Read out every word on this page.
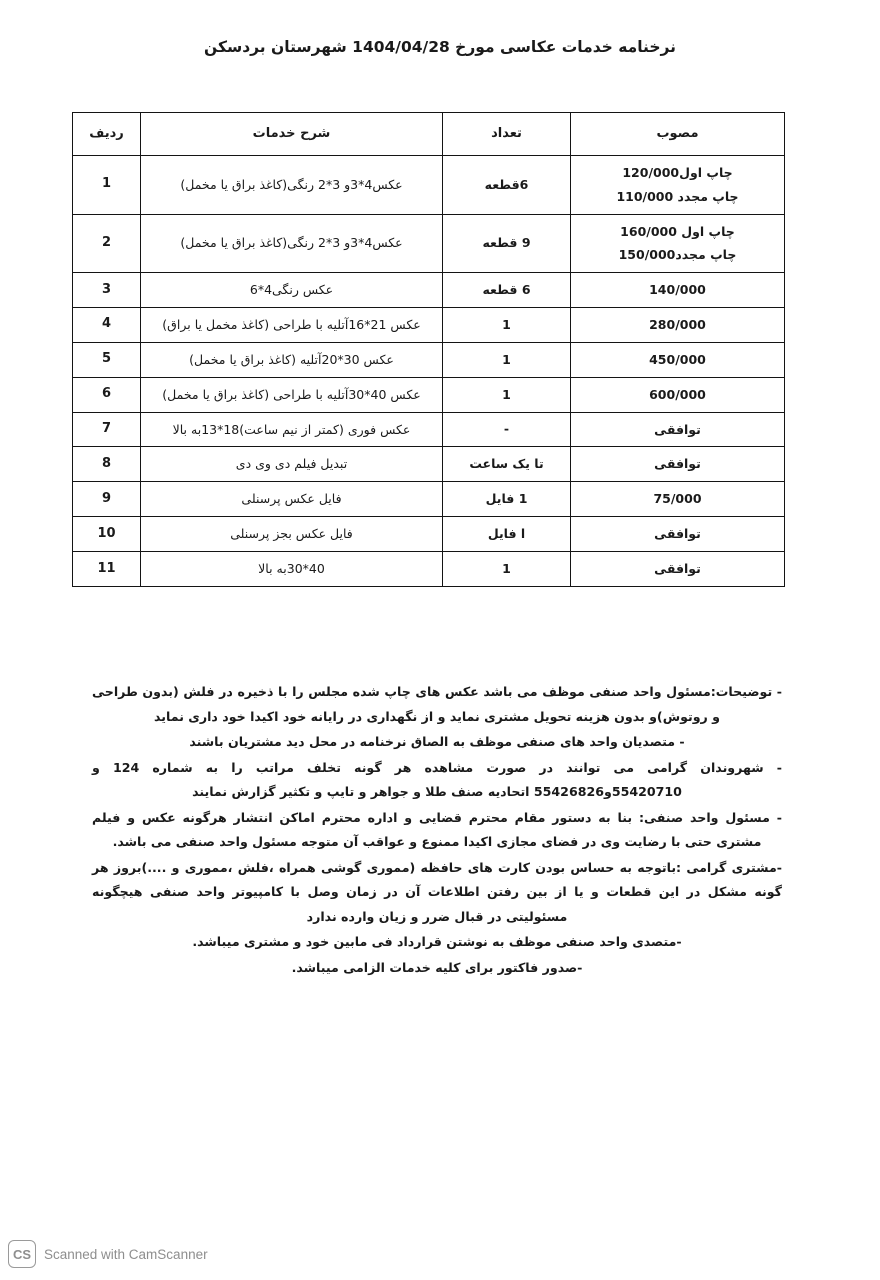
نرخنامه خدمات عکاسی مورخ 1404/04/28 شهرستان بردسکن
مصوب	تعداد	شرح خدمات	ردیف

چاپ اول120/000
چاپ مجدد 110/000	6قطعه	عکس4*3و 3*2 رنگی(کاغذ براق یا مخمل)	1

چاپ اول 160/000
چاپ مجدد150/000	9 قطعه	عکس4*3و 3*2 رنگی(کاغذ براق یا مخمل)	2

140/000	6 قطعه	عکس رنگی4*6	3

280/000	1	عکس 21*16آتلیه با طراحی (کاغذ مخمل یا براق)	4

450/000	1	عکس 30*20آتلیه (کاغذ براق یا مخمل)	5

600/000	1	عکس 40*30آتلیه با طراحی (کاغذ براق یا مخمل)	6

توافقی	-	عکس فوری (کمتر از نیم ساعت)18*13به بالا	7

توافقی	تا یک ساعت	تبدیل فیلم دی وی دی	8

75/000	1 فایل	فایل عکس پرسنلی	9

توافقی	ا فایل	فایل عکس بجز پرسنلی	10

توافقی	1	40*30به بالا	11

- توضیحات:مسئول واحد صنفی موظف می باشد عکس های چاپ شده مجلس را با ذخیره در فلش (بدون طراحی و روتوش)و بدون هزینه تحویل مشتری نماید و از نگهداری در رایانه خود اکیدا خود داری نماید

- متصدیان واحد های صنفی موظف به الصاق نرخنامه در محل دید مشتریان باشند

- شهروندان گرامی می توانند در صورت مشاهده هر گونه تخلف مراتب را به شماره 124 و 55420710و55426826 اتحادیه صنف طلا و جواهر و تایپ و تکثیر گزارش نمایند

- مسئول واحد صنفی: بنا به دستور مقام محترم قضایی و اداره محترم اماکن انتشار هرگونه عکس و فیلم مشتری حتی با رضایت وی در فضای مجازی اکیدا ممنوع و عواقب آن متوجه مسئول واحد صنفی می باشد.

-مشتری گرامی :باتوجه به حساس بودن کارت های حافظه (مموری گوشی همراه ،فلش ،مموری و ....)بروز هر گونه مشکل در این قطعات و یا از بین رفتن اطلاعات آن در زمان وصل با کامپیوتر واحد صنفی هیچگونه مسئولیتی در قبال ضرر و زیان وارده ندارد

-متصدی واحد صنفی موظف به نوشتن قرارداد فی مابین خود و مشتری میباشد.

-صدور فاکتور برای کلیه خدمات الزامی میباشد.

CS Scanned with CamScanner
